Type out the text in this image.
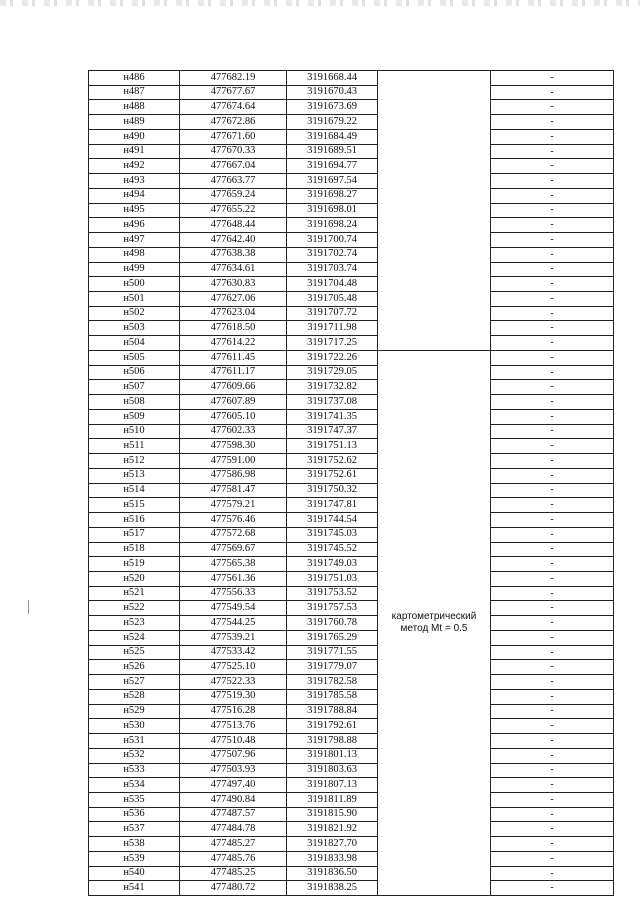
н486	477682.19	3191668.44		-
н487	477677.67	3191670.43		-
н488	477674.64	3191673.69		-
н489	477672.86	3191679.22		-
н490	477671.60	3191684.49		-
н491	477670.33	3191689.51		-
н492	477667.04	3191694.77		-
н493	477663.77	3191697.54		-
н494	477659.24	3191698.27		-
н495	477655.22	3191698.01		-
н496	477648.44	3191698.24		-
н497	477642.40	3191700.74		-
н498	477638.38	3191702.74		-
н499	477634.61	3191703.74		-
н500	477630.83	3191704.48		-
н501	477627.06	3191705.48		-
н502	477623.04	3191707.72		-
н503	477618.50	3191711.98		-
н504	477614.22	3191717.25		-
н505	477611.45	3191722.26	картометрический метод Mt = 0.5	-
н506	477611.17	3191729.05		-
н507	477609.66	3191732.82		-
н508	477607.89	3191737.08		-
н509	477605.10	3191741.35		-
н510	477602.33	3191747.37		-
н511	477598.30	3191751.13		-
н512	477591.00	3191752.62		-
н513	477586.98	3191752.61		-
н514	477581.47	3191750.32		-
н515	477579.21	3191747.81		-
н516	477576.46	3191744.54		-
н517	477572.68	3191745.03		-
н518	477569.67	3191745.52		-
н519	477565.38	3191749.03		-
н520	477561.36	3191751.03		-
н521	477556.33	3191753.52		-
н522	477549.54	3191757.53		-
н523	477544.25	3191760.78		-
н524	477539.21	3191765.29		-
н525	477533.42	3191771.55		-
н526	477525.10	3191779.07		-
н527	477522.33	3191782.58		-
н528	477519.30	3191785.58		-
н529	477516.28	3191788.84		-
н530	477513.76	3191792.61		-
н531	477510.48	3191798.88		-
н532	477507.96	3191801.13		-
н533	477503.93	3191803.63		-
н534	477497.40	3191807.13		-
н535	477490.84	3191811.89		-
н536	477487.57	3191815.90		-
н537	477484.78	3191821.92		-
н538	477485.27	3191827.70		-
н539	477485.76	3191833.98		-
н540	477485.25	3191836.50		-
н541	477480.72	3191838.25		-
